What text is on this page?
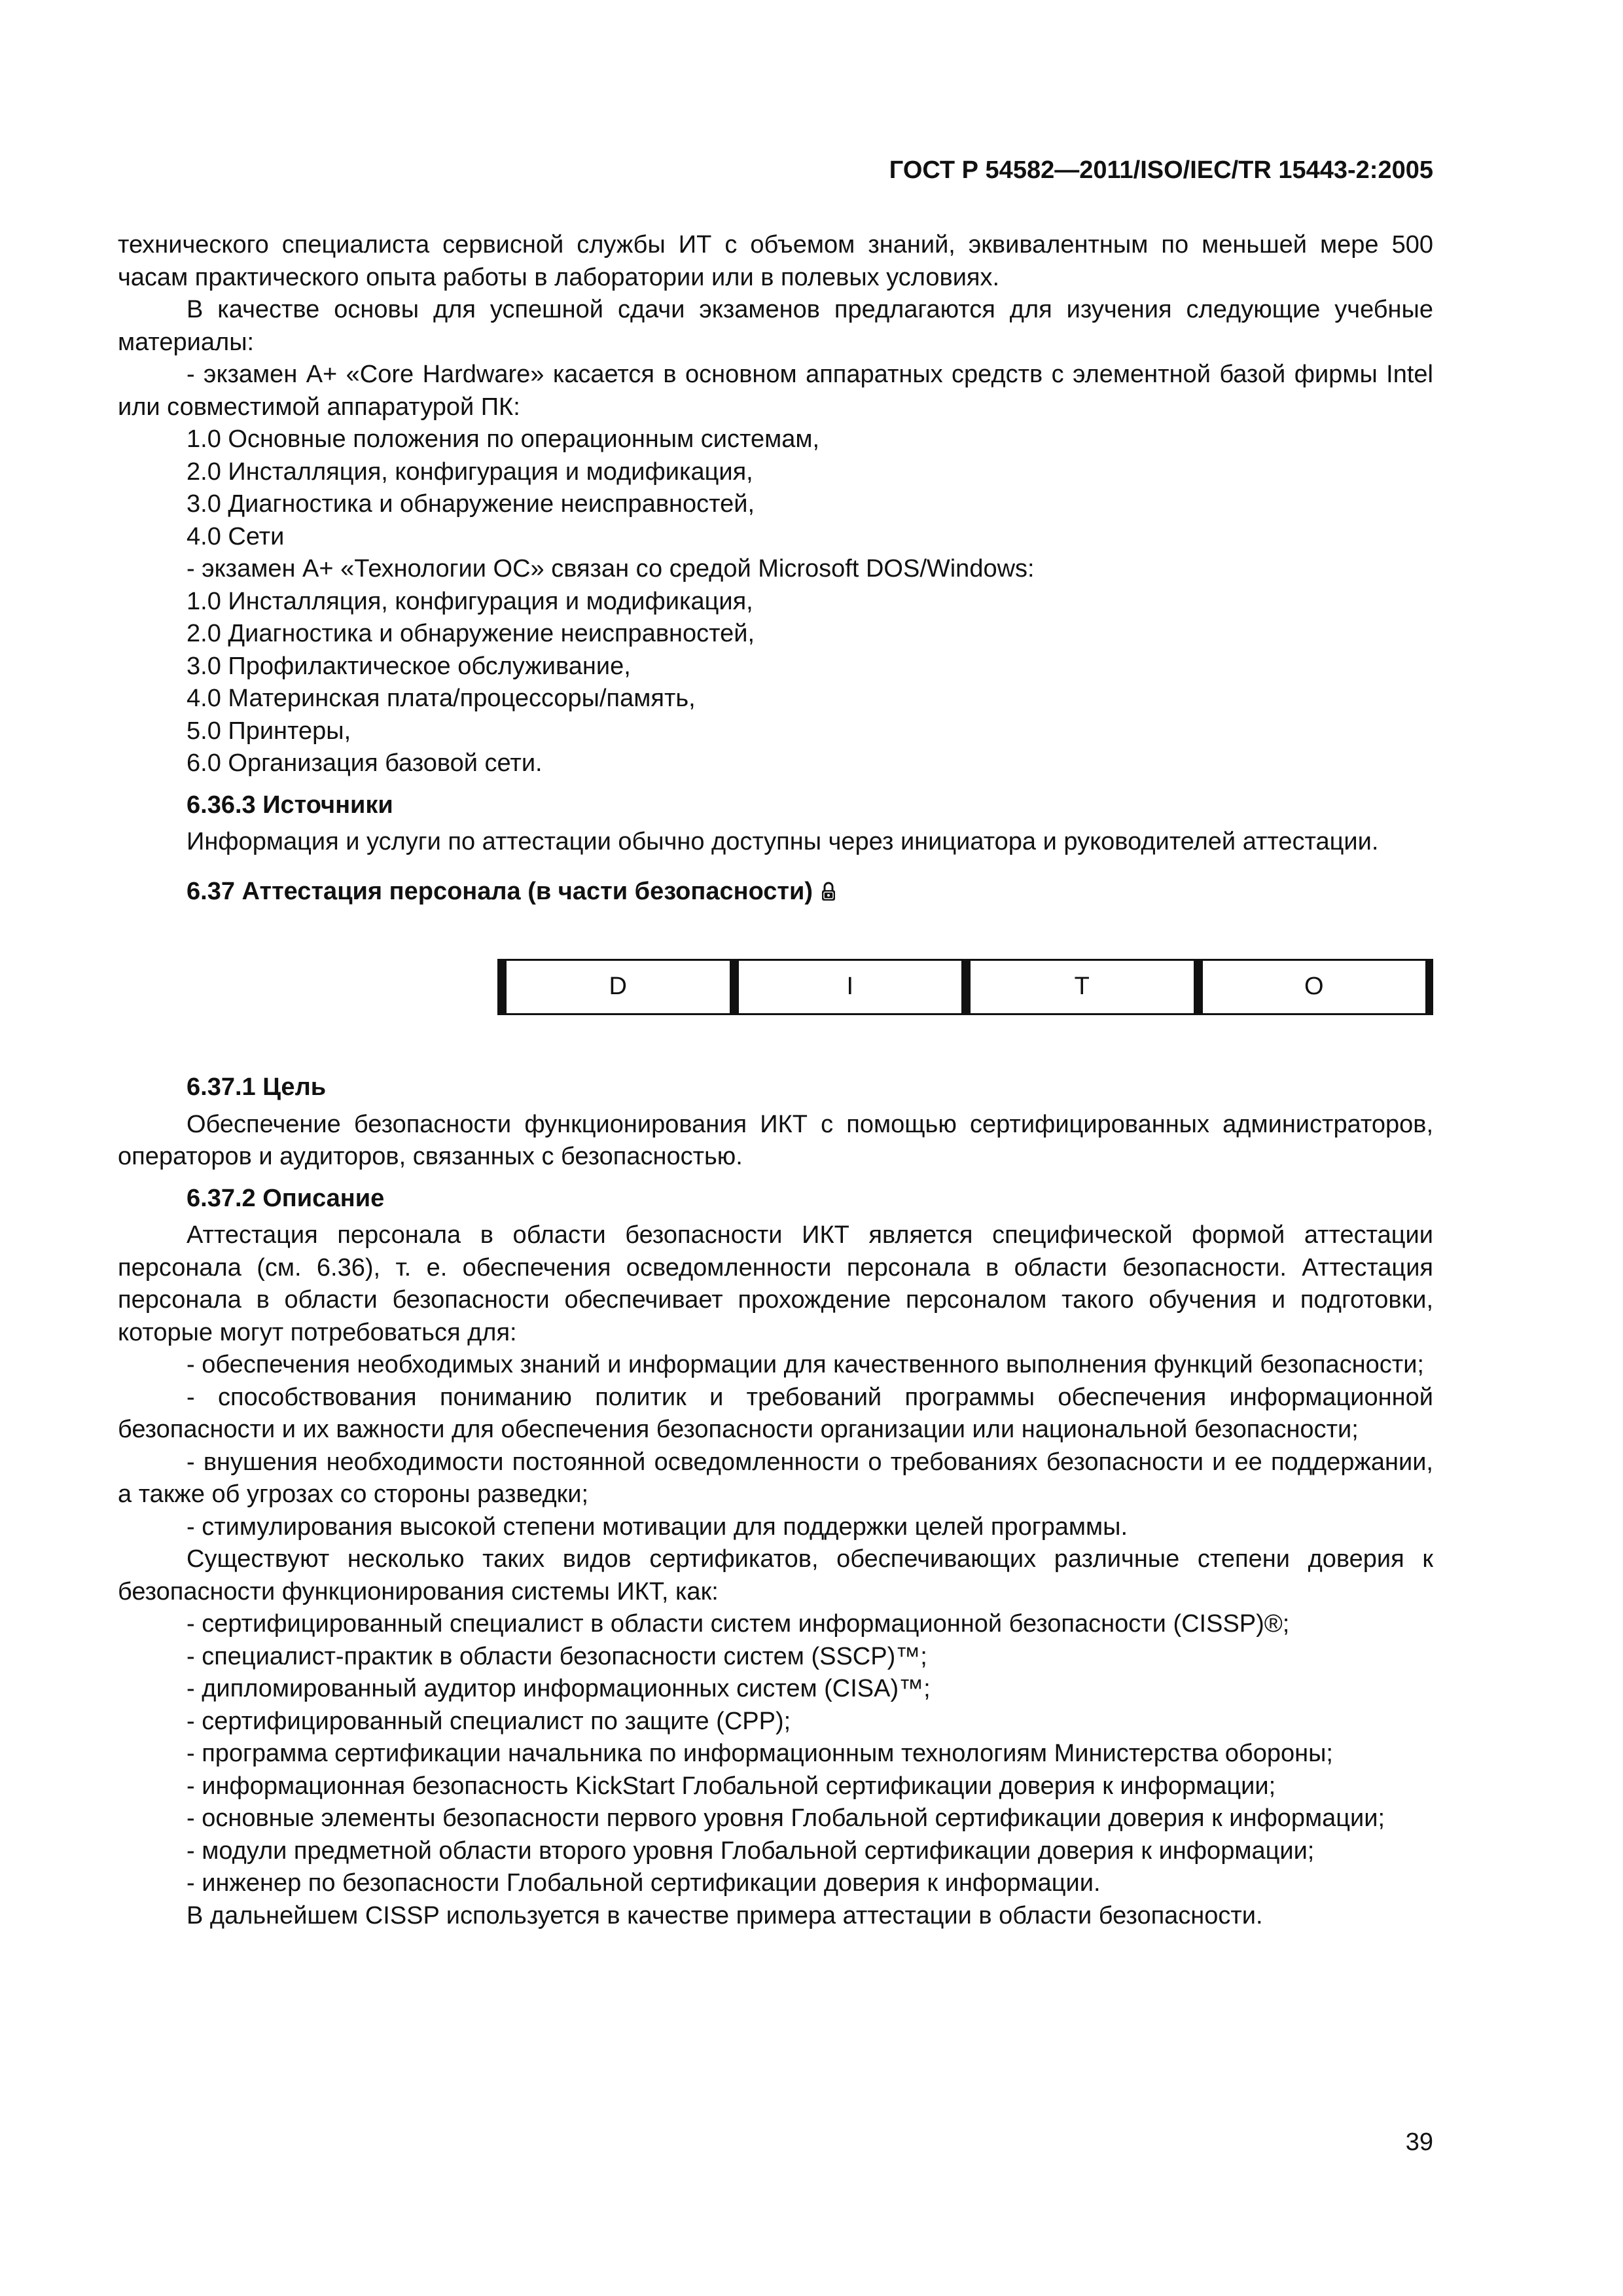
ГОСТ Р 54582—2011/ISO/IEC/TR 15443-2:2005

технического специалиста сервисной службы ИТ с объемом знаний, эквивалентным по меньшей мере 500 часам практического опыта работы в лаборатории или в полевых условиях.

В качестве основы для успешной сдачи экзаменов предлагаются для изучения следующие учебные материалы:

- экзамен А+ «Core Hardware» касается в основном аппаратных средств с элементной базой фирмы Intel или совместимой аппаратурой ПК:

1.0 Основные положения по операционным системам,

2.0 Инсталляция, конфигурация и модификация,

3.0 Диагностика и обнаружение неисправностей,

4.0 Сети

- экзамен А+ «Технологии ОС» связан со средой Microsoft DOS/Windows:

1.0 Инсталляция, конфигурация и модификация,

2.0 Диагностика и обнаружение неисправностей,

3.0 Профилактическое обслуживание,

4.0 Материнская плата/процессоры/память,

5.0 Принтеры,

6.0 Организация базовой сети.

6.36.3 Источники

Информация и услуги по аттестации обычно доступны через инициатора и руководителей аттестации.

6.37 Аттестация персонала (в части безопасности)

D	I	T	O

6.37.1 Цель

Обеспечение безопасности функционирования ИКТ с помощью сертифицированных администраторов, операторов и аудиторов, связанных с безопасностью.

6.37.2 Описание

Аттестация персонала в области безопасности ИКТ является специфической формой аттестации персонала (см. 6.36), т. е. обеспечения осведомленности персонала в области безопасности. Аттестация персонала в области безопасности обеспечивает прохождение персоналом такого обучения и подготовки, которые могут потребоваться для:

- обеспечения необходимых знаний и информации для качественного выполнения функций безопасности;

- способствования пониманию политик и требований программы обеспечения информационной безопасности и их важности для обеспечения безопасности организации или национальной безопасности;

- внушения необходимости постоянной осведомленности о требованиях безопасности и ее поддержании, а также об угрозах со стороны разведки;

- стимулирования высокой степени мотивации для поддержки целей программы.

Существуют несколько таких видов сертификатов, обеспечивающих различные степени доверия к безопасности функционирования системы ИКТ, как:

- сертифицированный специалист в области систем информационной безопасности (CISSP)®;

- специалист-практик в области безопасности систем (SSCP)™;

- дипломированный аудитор информационных систем (CISA)™;

- сертифицированный специалист по защите (СРР);

- программа сертификации начальника по информационным технологиям Министерства обороны;

- информационная безопасность KickStart Глобальной сертификации доверия к информации;

- основные элементы безопасности первого уровня Глобальной сертификации доверия к информации;

- модули предметной области второго уровня Глобальной сертификации доверия к информации;

- инженер по безопасности Глобальной сертификации доверия к информации.

В дальнейшем CISSP используется в качестве примера аттестации в области безопасности.

39
